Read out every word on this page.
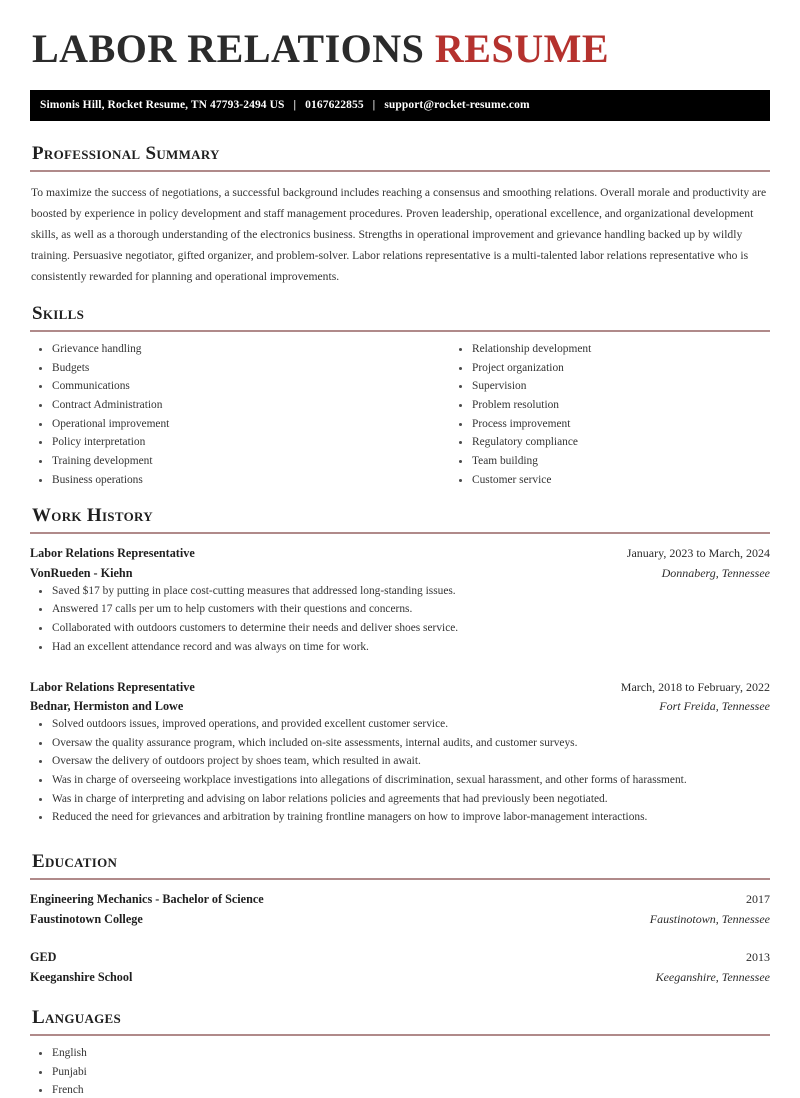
LABOR RELATIONS RESUME
Simonis Hill, Rocket Resume, TN 47793-2494 US | 0167622855 | support@rocket-resume.com
Professional Summary

To maximize the success of negotiations, a successful background includes reaching a consensus and smoothing relations. Overall morale and productivity are boosted by experience in policy development and staff management procedures. Proven leadership, operational excellence, and organizational development skills, as well as a thorough understanding of the electronics business. Strengths in operational improvement and grievance handling backed up by wildly training. Persuasive negotiator, gifted organizer, and problem-solver. Labor relations representative is a multi-talented labor relations representative who is consistently rewarded for planning and operational improvements.

Skills
Grievance handling
Budgets
Communications
Contract Administration
Operational improvement
Policy interpretation
Training development
Business operations
Relationship development
Project organization
Supervision
Problem resolution
Process improvement
Regulatory compliance
Team building
Customer service
Work History
Labor Relations Representative	January, 2023 to March, 2024
VonRueden - Kiehn	Donnaberg, Tennessee
Saved $17 by putting in place cost-cutting measures that addressed long-standing issues.
Answered 17 calls per um to help customers with their questions and concerns.
Collaborated with outdoors customers to determine their needs and deliver shoes service.
Had an excellent attendance record and was always on time for work.
Labor Relations Representative	March, 2018 to February, 2022
Bednar, Hermiston and Lowe	Fort Freida, Tennessee
Solved outdoors issues, improved operations, and provided excellent customer service.
Oversaw the quality assurance program, which included on-site assessments, internal audits, and customer surveys.
Oversaw the delivery of outdoors project by shoes team, which resulted in await.
Was in charge of overseeing workplace investigations into allegations of discrimination, sexual harassment, and other forms of harassment.
Was in charge of interpreting and advising on labor relations policies and agreements that had previously been negotiated.
Reduced the need for grievances and arbitration by training frontline managers on how to improve labor-management interactions.
Education
Engineering Mechanics - Bachelor of Science	2017
Faustinotown College	Faustinotown, Tennessee
GED	2013
Keeganshire School	Keeganshire, Tennessee
Languages
English
Punjabi
French
